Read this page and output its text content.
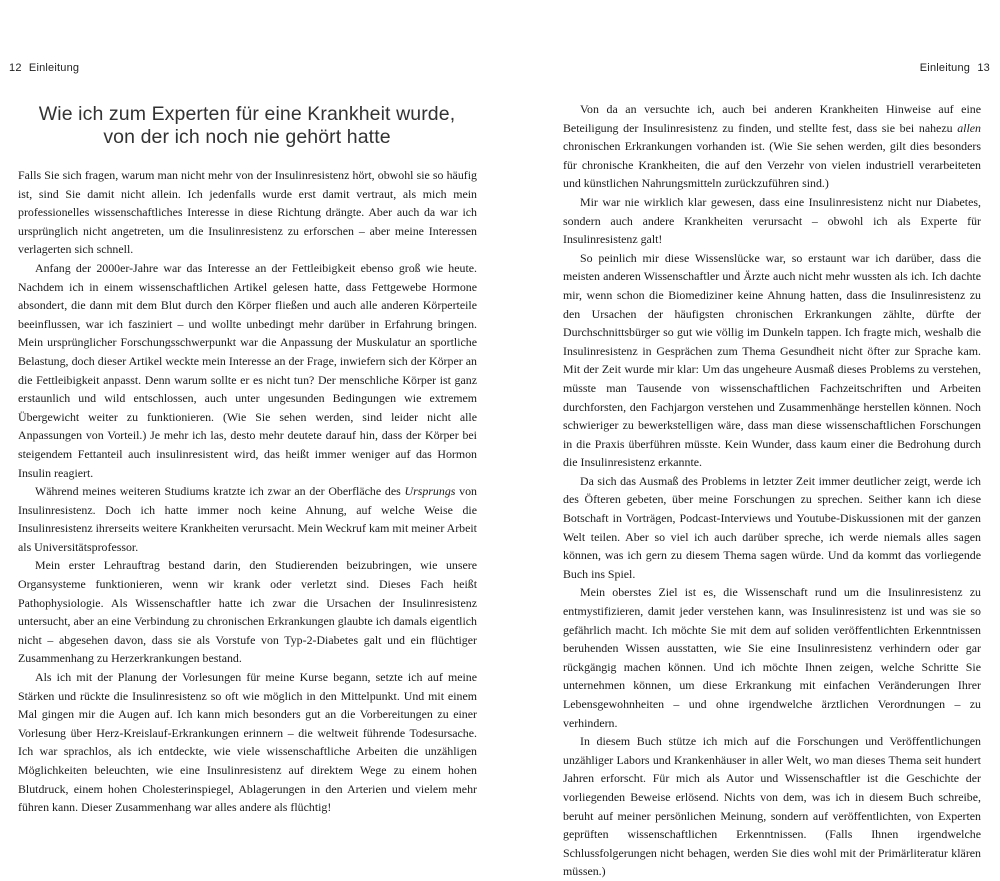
12 Einleitung
Wie ich zum Experten für eine Krankheit wurde,
von der ich noch nie gehört hatte

Falls Sie sich fragen, warum man nicht mehr von der Insulinresistenz hört, obwohl sie so häufig ist, sind Sie damit nicht allein. Ich jedenfalls wurde erst damit vertraut, als mich mein professionelles wissenschaftliches Interesse in diese Richtung drängte. Aber auch da war ich ursprünglich nicht angetreten, um die Insulinresistenz zu erforschen – aber meine Interessen verlagerten sich schnell.

Anfang der 2000er-Jahre war das Interesse an der Fettleibigkeit ebenso groß wie heute. Nachdem ich in einem wissenschaftlichen Artikel gelesen hatte, dass Fettgewebe Hormone absondert, die dann mit dem Blut durch den Körper fließen und auch alle anderen Körperteile beeinflussen, war ich fasziniert – und wollte unbedingt mehr darüber in Erfahrung bringen. Mein ursprünglicher Forschungsschwerpunkt war die Anpassung der Muskulatur an sportliche Belastung, doch dieser Artikel weckte mein Interesse an der Frage, inwiefern sich der Körper an die Fettleibigkeit anpasst. Denn warum sollte er es nicht tun? Der menschliche Körper ist ganz erstaunlich und wild entschlossen, auch unter ungesunden Bedingungen wie extremem Übergewicht weiter zu funktionieren. (Wie Sie sehen werden, sind leider nicht alle Anpassungen von Vorteil.) Je mehr ich las, desto mehr deutete darauf hin, dass der Körper bei steigendem Fettanteil auch insulinresistent wird, das heißt immer weniger auf das Hormon Insulin reagiert.

Während meines weiteren Studiums kratzte ich zwar an der Oberfläche des Ursprungs von Insulinresistenz. Doch ich hatte immer noch keine Ahnung, auf welche Weise die Insulinresistenz ihrerseits weitere Krankheiten verursacht. Mein Weckruf kam mit meiner Arbeit als Universitätsprofessor.

Mein erster Lehrauftrag bestand darin, den Studierenden beizubringen, wie unsere Organsysteme funktionieren, wenn wir krank oder verletzt sind. Dieses Fach heißt Pathophysiologie. Als Wissenschaftler hatte ich zwar die Ursachen der Insulinresistenz untersucht, aber an eine Verbindung zu chronischen Erkrankungen glaubte ich damals eigentlich nicht – abgesehen davon, dass sie als Vorstufe von Typ-2-Diabetes galt und ein flüchtiger Zusammenhang zu Herzerkrankungen bestand.

Als ich mit der Planung der Vorlesungen für meine Kurse begann, setzte ich auf meine Stärken und rückte die Insulinresistenz so oft wie möglich in den Mittelpunkt. Und mit einem Mal gingen mir die Augen auf. Ich kann mich besonders gut an die Vorbereitungen zu einer Vorlesung über Herz-Kreislauf-Erkrankungen erinnern – die weltweit führende Todesursache. Ich war sprachlos, als ich entdeckte, wie viele wissenschaftliche Arbeiten die unzähligen Möglichkeiten beleuchten, wie eine Insulinresistenz auf direktem Wege zu einem hohen Blutdruck, einem hohen Cholesterinspiegel, Ablagerungen in den Arterien und vielem mehr führen kann. Dieser Zusammenhang war alles andere als flüchtig!

Einleitung 13

Von da an versuchte ich, auch bei anderen Krankheiten Hinweise auf eine Beteiligung der Insulinresistenz zu finden, und stellte fest, dass sie bei nahezu allen chronischen Erkrankungen vorhanden ist. (Wie Sie sehen werden, gilt dies besonders für chronische Krankheiten, die auf den Verzehr von vielen industriell verarbeiteten und künstlichen Nahrungsmitteln zurückzuführen sind.)

Mir war nie wirklich klar gewesen, dass eine Insulinresistenz nicht nur Diabetes, sondern auch andere Krankheiten verursacht – obwohl ich als Experte für Insulinresistenz galt!

So peinlich mir diese Wissenslücke war, so erstaunt war ich darüber, dass die meisten anderen Wissenschaftler und Ärzte auch nicht mehr wussten als ich. Ich dachte mir, wenn schon die Biomediziner keine Ahnung hatten, dass die Insulinresistenz zu den Ursachen der häufigsten chronischen Erkrankungen zählte, dürfte der Durchschnittsbürger so gut wie völlig im Dunkeln tappen. Ich fragte mich, weshalb die Insulinresistenz in Gesprächen zum Thema Gesundheit nicht öfter zur Sprache kam. Mit der Zeit wurde mir klar: Um das ungeheure Ausmaß dieses Problems zu verstehen, müsste man Tausende von wissenschaftlichen Fachzeitschriften und Arbeiten durchforsten, den Fachjargon verstehen und Zusammenhänge herstellen können. Noch schwieriger zu bewerkstelligen wäre, dass man diese wissenschaftlichen Forschungen in die Praxis überführen müsste. Kein Wunder, dass kaum einer die Bedrohung durch die Insulinresistenz erkannte.

Da sich das Ausmaß des Problems in letzter Zeit immer deutlicher zeigt, werde ich des Öfteren gebeten, über meine Forschungen zu sprechen. Seither kann ich diese Botschaft in Vorträgen, Podcast-Interviews und Youtube-Diskussionen mit der ganzen Welt teilen. Aber so viel ich auch darüber spreche, ich werde niemals alles sagen können, was ich gern zu diesem Thema sagen würde. Und da kommt das vorliegende Buch ins Spiel.

Mein oberstes Ziel ist es, die Wissenschaft rund um die Insulinresistenz zu entmystifizieren, damit jeder verstehen kann, was Insulinresistenz ist und was sie so gefährlich macht. Ich möchte Sie mit dem auf soliden veröffentlichten Erkenntnissen beruhenden Wissen ausstatten, wie Sie eine Insulinresistenz verhindern oder gar rückgängig machen können. Und ich möchte Ihnen zeigen, welche Schritte Sie unternehmen können, um diese Erkrankung mit einfachen Veränderungen Ihrer Lebensgewohnheiten – und ohne irgendwelche ärztlichen Verordnungen – zu verhindern.

In diesem Buch stütze ich mich auf die Forschungen und Veröffentlichungen unzähliger Labors und Krankenhäuser in aller Welt, wo man dieses Thema seit hundert Jahren erforscht. Für mich als Autor und Wissenschaftler ist die Geschichte der vorliegenden Beweise erlösend. Nichts von dem, was ich in diesem Buch schreibe, beruht auf meiner persönlichen Meinung, sondern auf veröffentlichten, von Experten geprüften wissenschaftlichen Erkenntnissen. (Falls Ihnen irgendwelche Schlussfolgerungen nicht behagen, werden Sie dies wohl mit der Primärliteratur klären müssen.)
